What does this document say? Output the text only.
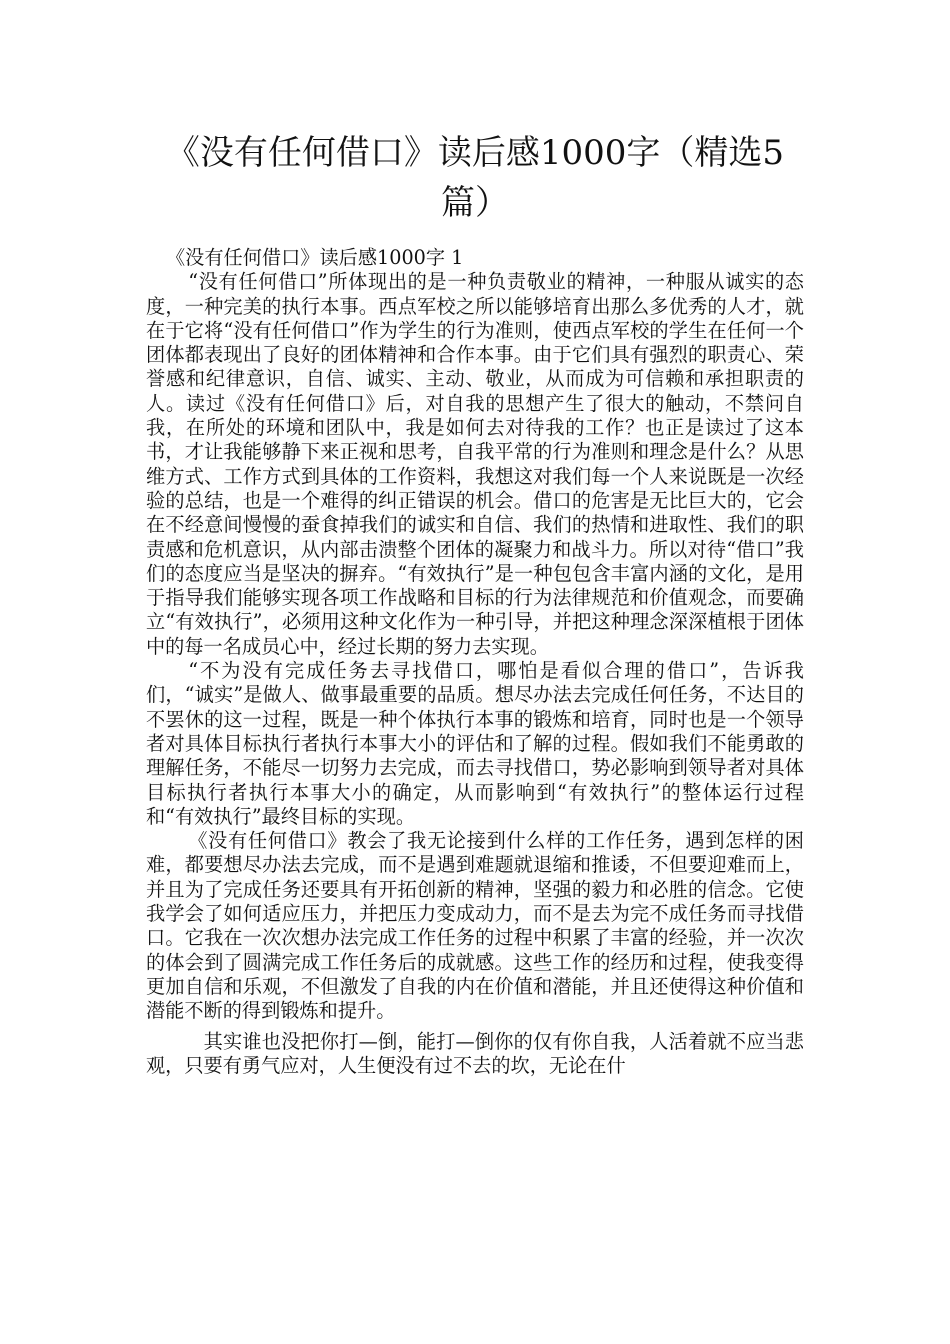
《没有任何借口》读后感1000字（精选5篇）
《没有任何借口》读后感1000字 1

“没有任何借口”所体现出的是一种负责敬业的精神，一种服从诚实的态度，一种完美的执行本事。西点军校之所以能够培育出那么多优秀的人才，就在于它将“没有任何借口”作为学生的行为准则，使西点军校的学生在任何一个团体都表现出了良好的团体精神和合作本事。由于它们具有强烈的职责心、荣誉感和纪律意识，自信、诚实、主动、敬业，从而成为可信赖和承担职责的人。读过《没有任何借口》后，对自我的思想产生了很大的触动，不禁问自我，在所处的环境和团队中，我是如何去对待我的工作？也正是读过了这本书，才让我能够静下来正视和思考，自我平常的行为准则和理念是什么？从思维方式、工作方式到具体的工作资料，我想这对我们每一个人来说既是一次经验的总结，也是一个难得的纠正错误的机会。借口的危害是无比巨大的，它会在不经意间慢慢的蚕食掉我们的诚实和自信、我们的热情和进取性、我们的职责感和危机意识，从内部击溃整个团体的凝聚力和战斗力。所以对待“借口”我们的态度应当是坚决的摒弃。“有效执行”是一种包包含丰富内涵的文化，是用于指导我们能够实现各项工作战略和目标的行为法律规范和价值观念，而要确立“有效执行”，必须用这种文化作为一种引导，并把这种理念深深植根于团体中的每一名成员心中，经过长期的努力去实现。

“不为没有完成任务去寻找借口，哪怕是看似合理的借口”，告诉我们，“诚实”是做人、做事最重要的品质。想尽办法去完成任何任务，不达目的不罢休的这一过程，既是一种个体执行本事的锻炼和培育，同时也是一个领导者对具体目标执行者执行本事大小的评估和了解的过程。假如我们不能勇敢的理解任务，不能尽一切努力去完成，而去寻找借口，势必影响到领导者对具体目标执行者执行本事大小的确定，从而影响到“有效执行”的整体运行过程和“有效执行”最终目标的实现。

《没有任何借口》教会了我无论接到什么样的工作任务，遇到怎样的困难，都要想尽办法去完成，而不是遇到难题就退缩和推诿，不但要迎难而上，并且为了完成任务还要具有开拓创新的精神，坚强的毅力和必胜的信念。它使我学会了如何适应压力，并把压力变成动力，而不是去为完不成任务而寻找借口。它我在一次次想办法完成工作任务的过程中积累了丰富的经验，并一次次的体会到了圆满完成工作任务后的成就感。这些工作的经历和过程，使我变得更加自信和乐观，不但激发了自我的内在价值和潜能，并且还使得这种价值和潜能不断的得到锻炼和提升。

其实谁也没把你打—倒，能打—倒你的仅有你自我，人活着就不应当悲观，只要有勇气应对，人生便没有过不去的坎，无论在什
